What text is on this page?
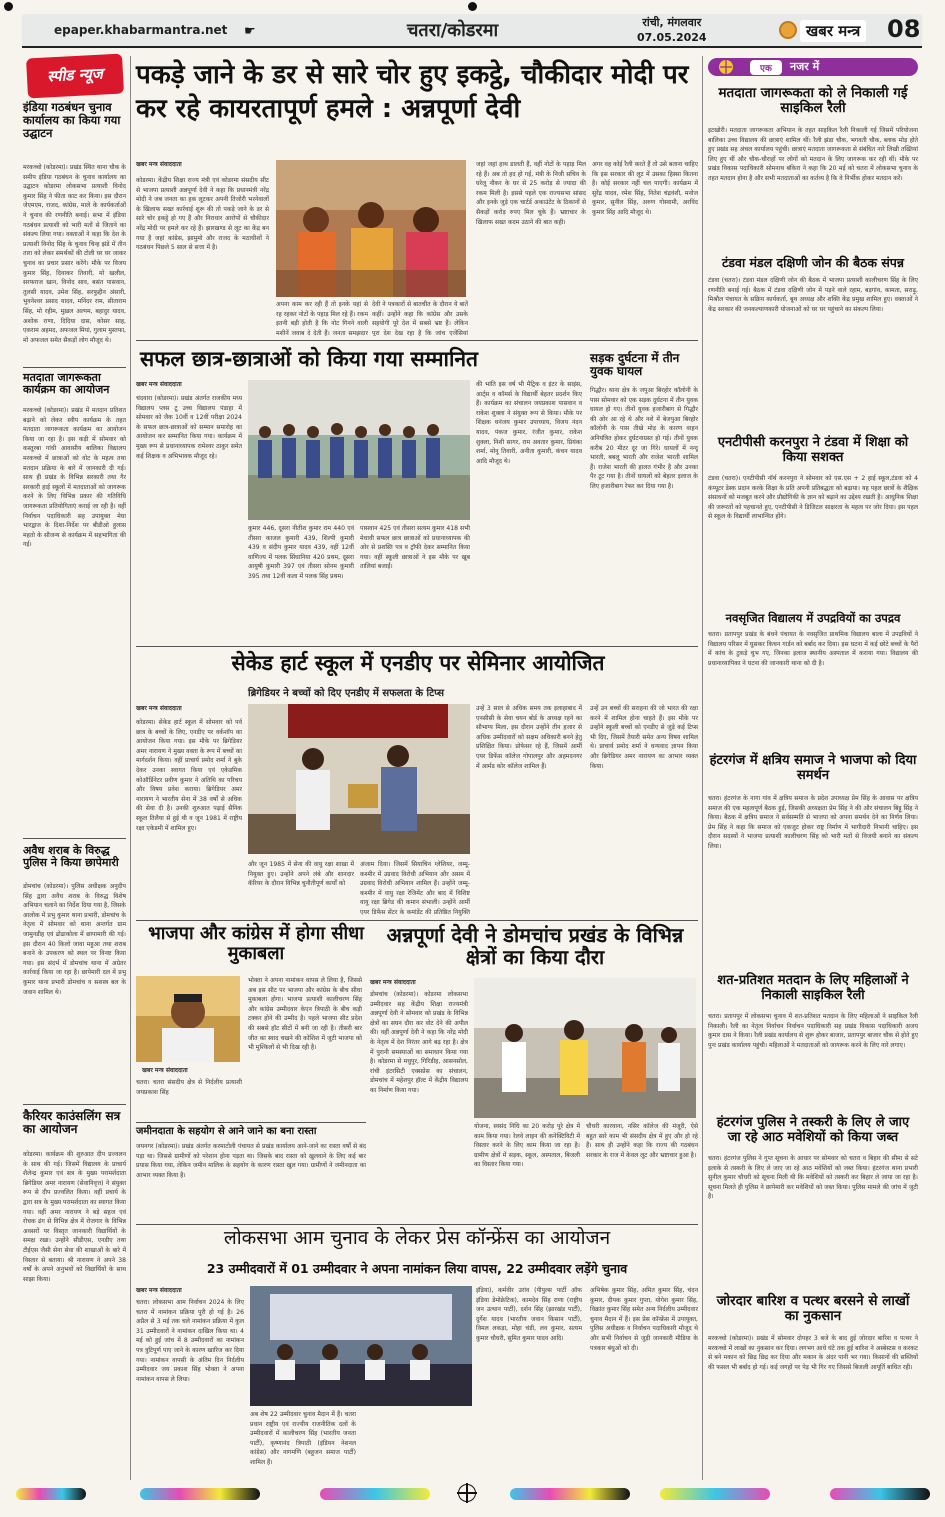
epaper.khabarmantra.net ☛	चतरा/कोडरमा	रांची, मंगलवार
07.05.2024	खबर मन्त्र 08
स्पीड न्यूज
इंडिया गठबंधन चुनाव कार्यालय का किया गया उद्घाटन
मरकच्चो (कोडरमा)। प्रखंड स्थित थाना चौक के समीप इंडिया गठबंधन के चुनाव कार्यालय का उद्घाटन कोडरमा लोकसभा प्रत्याशी विनोद कुमार सिंह ने फीता काट कर किया। इस दौरान जेएमएम, राजद, कांग्रेस, माले के कार्यकर्ताओं ने चुनाव की रणनीति बनाई। सभा में इंडिया गठबंधन प्रत्याशी को भारी मतों से जिताने का संकल्प लिया गया। वक्ताओं ने कहा कि देश के प्रत्याशी विनोद सिंह के चुनाव चिन्ह झंडे में तीन तारा को लेकर समर्थकों की टोली घर घर जाकर चुनाव का प्रचार प्रसार करेंगे। मौके पर विजय कुमार सिंह, दिवाकर तिवारी, मो खलील, सरफराज खान, विनोद साव, बसंत पासवान, तुलसी यादव, उमेश सिंह, सरफुद्दीन अंसारी, भुवनेश्वर प्रसाद यादव, मनिंदर राम, सीताराम सिंह, मो रहीम, मुख़ल अल्पम, बहादुर यादव, अशोक राणा, दिदिया दास, कोसर साह, एकराम अहमद, अफजल मियां, गुलाम मुस्तफा, मो अफजल समेत सैकड़ों लोग मौजूद थे।
मतदाता जागरूकता कार्यक्रम का आयोजन
मरकच्चो (कोडरमा)। प्रखंड में मतदान प्रतिशत बढ़ाने को लेकर स्वीप कार्यक्रम के तहत मतदाता जागरूकता कार्यक्रम का आयोजन किया जा रहा है। इस कड़ी में सोमवार को कस्तूरबा गांधी आवासीय बालिका विद्यालय मरकच्चो में छात्राओं को वोट के महत्व तथा मतदान प्रक्रिया के बारे में जानकारी दी गई। साथ ही प्रखंड के विभिन्न सरकारी तथा गैर सरकारी हाई स्कूलों में मतदाताओं को जागरूक करने के लिए विभिन्न प्रकार की गतिविधि जागरूकता प्रतियोगिताएं कराई जा रही है। वहीं निर्वाचन पदाधिकारी सह उपायुक्त मेघा भारद्वाज के दिशा-निर्देश पर बीडीओ हुलास महतो के सौजन्य से कार्यक्रम में सहभागिता की गई।
अवैध शराब के विरुद्ध पुलिस ने किया छापेमारी
डोमचांच (कोडरमा)। पुलिस अधीक्षक अनुदीप सिंह द्वारा अवैध शराब के विरुद्ध विशेष अभियान चलाने का निर्देश दिया गया है, जिसके आलोक में प्रभु कुमार थाना प्रभारी, डोमचांच के नेतृत्व में सोमवार को थाना अन्तर्गत ग्राम जामुनडीह एवं ढोढाकोला में छापामारी की गई। इस दौरान 40 किलो जावा महुआ तथा शराब बनाने के उपकरण को स्थल पर विनष्ट किया गया। इस संदर्भ में डोमचांच थाना में अग्रेतर कार्रवाई किया जा रहा है। छापेमारी दल में प्रभु कुमार थाना प्रभारी डोमचांच व सशस्त्र बल के जवान शामिल थे।
कैरियर काउंसलिंग सत्र का आयोजन
कोडरमा। कार्यक्रम की शुरुआत दीप प्रज्वलन के साथ की गई। जिसमें विद्यालय के प्राचार्य शैलेन्द्र कुमार एवं सत्र के मुख्य परामर्शदाता ब्रिगेडियर अमर नारायण (सेवानिवृत्त) ने संयुक्त रूप से दीप प्रज्वलित किया। वहीं प्रचार्य के द्वारा सत्र के मुख्य परामर्शदाता का स्वागत किया गया। वहीं अमर नारायण ने बड़े सहज एवं रोचक ढंग से विभिन्न क्षेत्र में रोजगार के विभिन्न अवसरों पर विस्तृत जानकारी विद्यार्थियों के समक्ष रखा। उन्होंने सीडीएस, एनडीए तथा टीईएस जैसी सेना सेवा की शाखाओं के बारे में विस्तार से बताया। श्री नारायण ने अपने 38 वर्षों के अपने अनुभवों को विद्यार्थियों के साथ साझा किया।
पकड़े जाने के डर से सारे चोर हुए इकट्ठे, चौकीदार मोदी पर कर रहे कायरतापूर्ण हमले : अन्नपूर्णा देवी
खबर मन्त्र संवाददाता
कोडरमा। केंद्रीय शिक्षा राज्य मंत्री एवं कोडरमा संसदीय सीट से भाजपा प्रत्याशी अन्नपूर्णा देवी ने कहा कि प्रधानमंत्री नरेंद्र मोदी ने जब जनता का हक लूटकर अपनी तिजोरी भरनेवालों के खिलाफ सख्त कार्रवाई शुरू की तो पकड़े जाने के डर से सारे चोर इकट्ठे हो गए हैं और निराधार आरोपों से चौकीदार नरेंद्र मोदी पर हमले कर रहे हैं। झारखण्ड से लूट का केंद्र बन गया है जहां कांग्रेस, झामुमो और राजद के मठाधीशों ने गठबंधन पिछले 5 साल से सत्ता में है।
अपना काम कर रही हैं तो इनके यहां से रह रहकर नोटों के पहाड़ मिल रहे हैं। रकम इतनी बड़ी होती है कि नोट गिनने वाली मशीनें जवाब दे देती हैं। जनता समझदार
देवी ने पत्रकारों से बातचीत के दौरान ये बातें कहीं। उन्होंने कहा कि कांग्रेस और उसके सहयोगी पूरे देश में सबसे भ्रष्ट हैं। लेकिन पूरा देश देख रहा है कि जांच एजेंसियां
जहां जहां हाथ डालती हैं, वहीं नोटों के पहाड़ मिल रहे हैं। अब तो हद हो गई, मंत्री के निजी सचिव के घरेलू नौकर के घर से 25 करोड़ से ज्यादा की रकम मिली है। इससे पहले एक राज्यसभा सांसद और इनके जुड़े एक चार्टर्ड अकाउंटेंट के ठिकानों से सैकड़ों करोड़ रुपए मिल चुके हैं। भ्रष्टाचार के खिलाफ सख्त कदम उठाने की बात कही।
अगर वह कोई रैली करते हैं तो उसे बताना चाहिए कि इस सरकार की लूट में उसका हिस्सा कितना है। कोई सरकार नहीं चल पाएगी। कार्यक्रम में सुरेंद्र यादव, रमेश सिंह, नितेश चंद्रवंशी, मनोज कुमार, सुनील सिंह, अरुण गोस्वामी, अरविंद कुमार सिंह आदि मौजूद थे।
सफल छात्र-छात्राओं को किया गया सम्मानित
खबर मन्त्र संवाददाता
चंदवारा (कोडरमा)। प्रखंड अंतर्गत राजकीय मध्य विद्यालय प्लस टू उच्च विद्यालय पंडाहा में सोमवार को जैक 10वीं व 12वीं परीक्षा 2024 के सफल छात्र-छात्राओं को सम्मान समारोह का आयोजन कर सम्मानित किया गया। कार्यक्रम में मुख्य रूप से प्रधानाध्यापक रामेश्वर ठाकुर समेत कई शिक्षक व अभिभावक मौजूद रहे।
कुमार 446, दूसरा नीतीश कुमार राम 440 एवं तीसरा काजल कुमारी 439, शिल्पी कुमारी 439 व संदीप कुमार यादव 439, वहीं 12वीं वाणिज्य में पलक सिंघानिया 420 प्रथम, दूसरा आयुषी कुमारी 397 एवं तीसरा सोनम कुमारी 395 तथा 12वीं कला में पलक सिंह प्रथम।
पासवान 425 एवं तीसरा सत्यम कुमार 418 सभी मेधावी सफल छात्र छात्राओं को प्रधानाध्यापक की ओर से प्रशस्ति पत्र व ट्रॉफी देकर सम्मानित किया गया। वहीं स्कूली छात्राओं ने इस मौके पर खूब तालियां बजाईं।
की भांति इस वर्ष भी मैट्रिक व इंटर के साइंस, आर्ट्स व कॉमर्स के विद्यार्थी बेहतर प्रदर्शन किए हैं। कार्यक्रम का संचालन जयप्रकाश पासवान व राकेश शुक्ला ने संयुक्त रूप से किया। मौके पर शिक्षक धनंजय कुमार उपाध्याय, विजय नंदन यादव, पंकज कुमार, रंजीत कुमार, राकेश शुक्ला, निशी सागर, राम अवतार कुमार, प्रियंका शर्मा, मोनू तिवारी, अनीता कुमारी, कंचन यादव आदि मौजूद थे।
सड़क दुर्घटना में तीन युवक घायल
गिद्धौर। थाना क्षेत्र के जपुआ बिरहोर कॉलोनी के पास सोमवार को एक सड़क दुर्घटना में तीन युवक घायल हो गए। तीनों युवक हजारीबाग से गिद्धौर की ओर आ रहे थे और नशे में बेजपुआ बिरहोर कॉलोनी के पास तीखे मोड़ के कारण वाहन अनियंत्रित होकर दुर्घटनाग्रस्त हो गई। तीनों युवक करीब 20 मीटर दूर जा गिरे। घायलों में नन्दू भारती, बबलू भारती और राजेश भारती शामिल हैं। राजेश भारती की हालत गंभीर है और उनका पैर टूट गया है। तीनों घायलों को बेहतर इलाज के लिए हजारीबाग रेफर कर दिया गया है।
सेकेड हार्ट स्कूल में एनडीए पर सेमिनार आयोजित
ब्रिगेडियर ने बच्चों को दिए एनडीए में सफलता के टिप्स
खबर मन्त्र संवाददाता
कोडरमा। सेकेड हार्ट स्कूल में सोमवार को पर्व छात्र के बच्चों के लिए, एनडीए पर वर्कशॉप का आयोजन किया गया। इस मौके पर ब्रिगेडियर अमर नारायण ने मुख्य वक्ता के रूप में बच्चों का मार्गदर्शन किया। वहीं प्राचार्य प्रमोद शर्मा ने बुके देकर उनका स्वागत किया एवं एकेडमिक कोऑर्डिनेटर प्रवीण कुमार ने अतिथि का परिचय और विषय प्रवेश कराया। ब्रिगेडियर अमर नारायण ने भारतीय सेना में 38 वर्षों से अधिक की सेवा दी है। उनकी शुरुआत पढ़ाई सैनिक स्कूल तिलैया से हुई थी व जून 1981 में राष्ट्रीय रक्षा एकेडमी में शामिल हुए।
और जून 1985 में सेना की वायु रक्षा शाखा में नियुक्त हुए। उन्होंने अपने लंबे और शानदार कॅरियर के दौरान विभिन्न चुनौतीपूर्ण कार्यों को
अंजाम दिया। जिसमें सियाचिन ग्लेशियर, जम्मू-कश्मीर में उग्रवाद विरोधी अभियान और असम में उग्रवाद विरोधी अभियान शामिल हैं। उन्होंने जम्मू-कश्मीर में वायु रक्षा रेजिमेंट और बाद में विशिष्ट वायु रक्षा ब्रिगेड की कमान संभाली। उन्होंने आर्मी एयर डिफेंस सेंटर के कमांडेंट की प्रतिष्ठित नियुक्ति
उन्हें 3 साल से अधिक समय तक इलाहाबाद में एनसीसी के सेवा चयन बोर्ड के अध्यक्ष रहने का सौभाग्य मिला, इस दौरान उन्होंने तीन हजार से अधिक उम्मीदवारों को सक्षम अधिकारी बनने हेतु प्रशिक्षित किया। प्रोफेसर रहे हैं, जिसमें आर्मी एयर डिफेंस कॉलेज गोपालपुर और अहमदनगर में आर्मड कोर कॉलेज शामिल हैं।
उन्हें उन बच्चों की सराहना की जो भारत की रक्षा करने में शामिल होना चाहते हैं। इस मौके पर उन्होंने स्कूली बच्चों को एनडीए से जुड़े कई टिप्स भी दिए, जिसमें तैयारी समेत अन्य विषय शामिल थे। प्राचार्य प्रमोद शर्मा ने धन्यवाद ज्ञापन किया और ब्रिगेडियर अमर नारायण का आभार व्यक्त किया।
भाजपा और कांग्रेस में होगा सीधा मुकाबला
खबर मन्त्र संवाददाता
चतरा। चतरा संसदीय क्षेत्र से निर्दलीय प्रत्याशी जयप्रकाश सिंह
भोक्ता ने अपना नामांकन वापस ले लिया है, जिससे अब इस सीट पर भाजपा और कांग्रेस के बीच सीधा मुकाबला होगा। भाजपा प्रत्याशी कालीचरण सिंह और कांग्रेस उम्मीदवार केएन त्रिपाठी के बीच कड़ी टक्कर होने की उम्मीद है। पहले भाजपा सीट प्रदेश की सबसे हॉट सीटों में बनी जा रही है। तीसरी बार जीत का स्वाद चखने की कोशिश में जुटी भाजपा को भी मुश्किलों से भी दिख रही है।
जमीनदाता के सहयोग से आने जाने का बना रास्ता
जयनगर (कोडरमा)। प्रखंड अंतर्गत करमाटोली पंचायत से प्रखंड कार्यालय आने-जाने का रास्ता वर्षों से बंद पड़ा था। जिससे ग्रामीणों को परेशान होना पड़ता था। जिसके बाद रास्ता को खुलवाने के लिए कई बार प्रयास किया गया, लेकिन जमीन मालिक के सहयोग के कारण रास्ता खुल गया। ग्रामीणों ने जमीनदाता का आभार व्यक्त किया है।
अन्नपूर्णा देवी ने डोमचांच प्रखंड के विभिन्न क्षेत्रों का किया दौरा
खबर मन्त्र संवाददाता
डोमचांच (कोडरमा)। कोडरमा लोकसभा उम्मीदवार सह केंद्रीय शिक्षा राज्यमंत्री अन्नपूर्णा देवी ने सोमवार को प्रखंड के विभिन्न क्षेत्रों का सघन दौरा कर वोट देने की अपील की। वहीं अन्नपूर्णा देवी ने कहा कि नरेंद्र मोदी के नेतृत्व में देश निरंतर आगे बढ़ रहा है। क्षेत्र में पुरानी समस्याओं का समाधान किया गया है। कोडरमा से मधुपुर, गिरिडीह, आसनसोल, रांची इंटरसिटी एक्सप्रेस का संचालन, डोमचांच में महेशपुर हॉल्ट में केंद्रीय विद्यालय का निर्माण किया गया।
योजना, स्वसंद निधि का 20 करोड़ पूरे क्षेत्र में काम किया गया। रेलवे लाइन की कनेक्टिविटी में विस्तार करने के लिए काम किया जा रहा है। ग्रामीण क्षेत्रों में सड़क, स्कूल, अस्पताल, बिजली का विस्तार किया गया।
चौधरी कारवाना, नसिर कॉलेज की मंजूरी, ऐसे बहुत सारे काम भी संसदीय क्षेत्र में हुए और हो रहे हैं। साथ ही उन्होंने कहा कि राज्य की गठबंधन सरकार के राज में केवल लूट और भ्रष्टाचार हुआ है।
लोकसभा आम चुनाव के लेकर प्रेस कॉन्फ्रेंस का आयोजन
23 उम्मीदवारों में 01 उम्मीदवार ने अपना नामांकन लिया वापस, 22 उम्मीदवार लड़ेंगे चुनाव
खबर मन्त्र संवाददाता
चतरा। लोकसभा आम निर्वाचन 2024 के लिए चतरा में नामांकन प्रक्रिया पूरी हो गई है। 26 अप्रैल से 3 मई तक चले नामांकन प्रक्रिया में कुल 31 उम्मीदवारों ने नामांकन दाखिल किया था। 4 मई को हुई जांच में 8 उम्मीदवारों का नामांकन पत्र त्रुटिपूर्ण पाए जाने के कारण खारिज कर दिया गया। नामांकन वापसी के अंतिम दिन निर्दलीय उम्मीदवार जय प्रकाश सिंह भोक्ता ने अपना नामांकन वापस ले लिया।
अब शेष 22 उम्मीदवार चुनाव मैदान में हैं। चतरा प्रधान राष्ट्रीय एवं राज्यीय राजनीतिक दलों के उम्मीदवारों में कालीचरण सिंह (भारतीय जनता पार्टी), कृष्णानंद त्रिपाठी (इंडियन नेशनल कांग्रेस) और नागमणि (बहुजन समाज पार्टी) शामिल हैं।
इंडिया), कर्मवीर उरांव (पीपुल्स पार्टी ऑफ इंडिया डेमोक्रेटिक), कामदेव सिंह राणा (राष्ट्रीय जन उत्थान पार्टी), दर्शन सिंह (झारखंड पार्टी), दुर्गेश यादव (भारतीय जवान किसान पार्टी), विमल लकड़ा, मोहा चंडी, लव कुमार, सत्यम कुमार चौधरी, सुमित कुमार यादव आदि।
अभिषेक कुमार सिंह, अमित कुमार सिंह, चंदन कुमार, दीपक कुमार गुप्ता, योगेश कुमार सिंह, विक्रांत कुमार सिंह समेत अन्य निर्दलीय उम्मीदवार चुनाव मैदान में हैं। इस प्रेस कॉन्फ्रेंस में उपायुक्त, पुलिस अधीक्षक व निर्वाचन पदाधिकारी मौजूद थे और सभी निर्वाचन से जुड़ी जानकारी मीडिया के पत्रकार बंधुओं को दी।
एक	नजर में
मतदाता जागरूकता को ले निकाली गई साइकिल रैली
इटखोरी। मतदाता जागरूकता अभियान के तहत साइकिल रैली निकाली गई जिसमें परियोजना बालिका उच्च विद्यालय की छात्राएं शामिल थीं। रैली झंडा चौक, भगवती चौक, ब्लाक मोड़ होते हुए प्रखंड सह अंचल कार्यालय पहुंची। छात्राएं मतदाता जागरूकता से संबंधित नारे लिखी तख्तियां लिए हुए थीं और चौक-चौराहों पर लोगों को मतदान के लिए जागरूक कर रही थीं। मौके पर प्रखंड विकास पदाधिकारी सोमनाथ बंकिरा ने कहा कि 20 मई को चतरा में लोकसभा चुनाव के तहत मतदान होना है और सभी मतदाताओं का कर्तव्य है कि वे निर्भीक होकर मतदान करें।
टंडवा मंडल दक्षिणी जोन की बैठक संपन्न
टंडवा (चतरा)। टंडवा मंडल दक्षिणी जोन की बैठक में भाजपा प्रत्याशी कालीचरण सिंह के लिए रणनीति बनाई गई। बैठक में टंडवा दक्षिणी जोन में पड़ने वाले रहाम, बड़गांव, कामता, सराढ़ु, मिश्रौल पंचायत के सक्रिय कार्यकर्ता, बूथ अध्यक्ष और शक्ति केंद्र प्रमुख शामिल हुए। वक्ताओं ने केंद्र सरकार की जनकल्याणकारी योजनाओं को घर घर पहुंचाने का संकल्प लिया।
एनटीपीसी करनपुरा ने टंडवा में शिक्षा को किया सशक्त
टंडवा (चतरा)। एनटीपीसी नॉर्थ करनपुरा ने सोमवार को एस.एस + 2 हाई स्कूल,टंडवा को 4 कंप्यूटर डेस्क प्रदान करके शिक्षा के प्रति अपनी प्रतिबद्धता को बढ़ाया। यह पहल छात्रों के शैक्षिक संसाधनों को मजबूत करने और प्रौद्योगिकी के ज्ञान को बढ़ाने का उद्देश्य रखती है। आधुनिक शिक्षा की जरूरतों को पहचानते हुए, एनटीपीसी ने डिजिटल साक्षरता के महत्व पर जोर दिया। इस पहल से स्कूल के विद्यार्थी लाभान्वित होंगे।
नवसृजित विद्यालय में उपद्रवियों का उपद्रव
चतरा। प्रतापपुर प्रखंड के बंधने पंचायत के नवसृजित प्राथमिक विद्यालय बाला में उपद्रवियों ने विद्यालय परिसर में घुसकर किचन गार्डन को बर्बाद कर दिया। इस घटना में कई छोटे बच्चों के पैरों में कांच के टुकड़े चुभ गए, जिनका इलाज स्थानीय अस्पताल में कराया गया। विद्यालय की प्रधानाध्यापिका ने घटना की जानकारी थाना को दी है।
हंटरगंज में क्षत्रिय समाज ने भाजपा को दिया समर्थन
चतरा। हंटरगंज के नागा गांव में क्षत्रिय समाज के प्रदेश उपाध्यक्ष प्रेम सिंह के आवास पर क्षत्रिय समाज की एक महत्वपूर्ण बैठक हुई, जिसकी अध्यक्षता प्रेम सिंह ने की और संचालन बिट्टू सिंह ने किया। बैठक में क्षत्रिय समाज ने सर्वसम्मति से भाजपा को अपना समर्थन देने का निर्णय लिया। प्रेम सिंह ने कहा कि समाज को एकजुट होकर राष्ट्र निर्माण में भागीदारी निभानी चाहिए। इस दौरान सदस्यों ने भाजपा प्रत्याशी कालीचरण सिंह को भारी मतों से विजयी बनाने का संकल्प लिया।
शत-प्रतिशत मतदान के लिए महिलाओं ने निकाली साइकिल रैली
चतरा। प्रतापपुर में लोकसभा चुनाव में शत-प्रतिशत मतदान के लिए महिलाओं ने साइकिल रैली निकाली। रैली का नेतृत्व निर्वाचन निर्वाचन पदाधिकारी सह प्रखंड विकास पदाधिकारी अजय कुमार दास ने किया। रैली प्रखंड कार्यालय से शुरू होकर बाजार, प्रतापपुर बाजार चौक से होते हुए पुनः प्रखंड कार्यालय पहुंची। महिलाओं ने मतदाताओं को जागरूक करने के लिए नारे लगाए।
हंटरगंज पुलिस ने तस्करी के लिए ले जाए जा रहे आठ मवेशियों को किया जब्त
चतरा। हंटरगंज पुलिस ने गुप्त सूचना के आधार पर सोमवार को चतरा व बिहार की सीमा से सटे इलाके से तस्करी के लिए ले जाए जा रहे आठ मवेशियों को जब्त किया। हंटरगंज थाना प्रभारी सुनील कुमार चौधरी को सूचना मिली थी कि मवेशियों को तस्करी कर बिहार ले जाया जा रहा है। सूचना मिलते ही पुलिस ने छापेमारी कर मवेशियों को जब्त किया। पुलिस मामले की जांच में जुटी है।
जोरदार बारिश व पत्थर बरसने से लाखों का नुकसान
मरकच्चो (कोडरमा)। प्रखंड में सोमवार दोपहर 3 बजे के बाद हुई जोरदार बारिश व पत्थर ने मरकच्चो में लाखों का नुकसान कर दिया। लगभग आधे घंटे तक हुई बारिश ने अस्बेस्टस व करकट से बने मकान को छिद्र छिद्र कर दिया और मकान के अंदर पानी भर गया। किसानों की सब्जियों की फसल भी बर्बाद हो गई। कई जगहों पर पेड़ भी गिर गए जिससे बिजली आपूर्ति बाधित रही।
